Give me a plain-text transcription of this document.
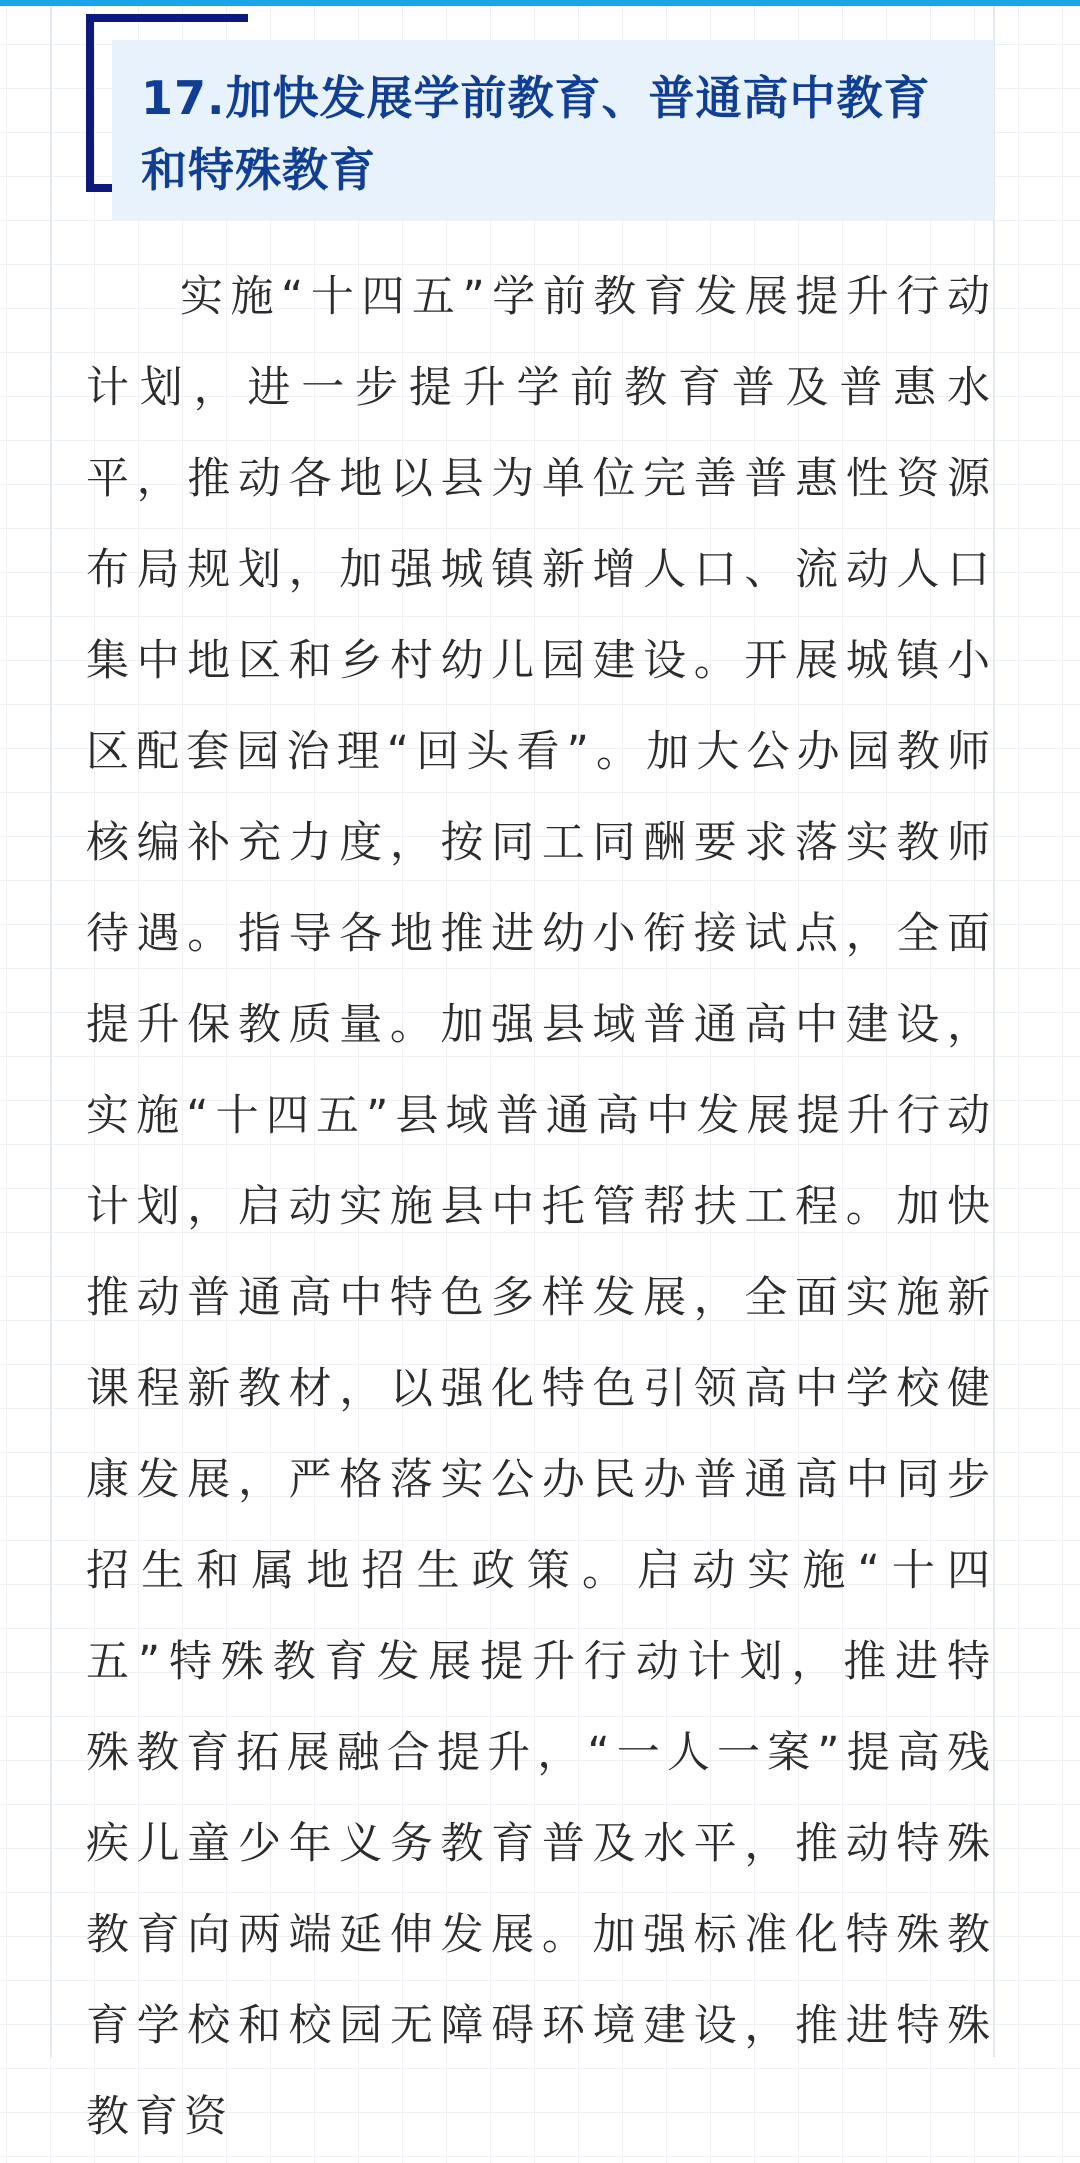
17.加快发展学前教育、普通高中教育和特殊教育

实施“十四五”学前教育发展提升行动计划，进一步提升学前教育普及普惠水平，推动各地以县为单位完善普惠性资源布局规划，加强城镇新增人口、流动人口集中地区和乡村幼儿园建设。开展城镇小区配套园治理“回头看”。加大公办园教师核编补充力度，按同工同酬要求落实教师待遇。指导各地推进幼小衔接试点，全面提升保教质量。加强县域普通高中建设，实施“十四五”县域普通高中发展提升行动计划，启动实施县中托管帮扶工程。加快推动普通高中特色多样发展，全面实施新课程新教材，以强化特色引领高中学校健康发展，严格落实公办民办普通高中同步招生和属地招生政策。启动实施“十四五”特殊教育发展提升行动计划，推进特殊教育拓展融合提升，“一人一案”提高残疾儿童少年义务教育普及水平，推动特殊教育向两端延伸发展。加强标准化特殊教育学校和校园无障碍环境建设，推进特殊教育资
